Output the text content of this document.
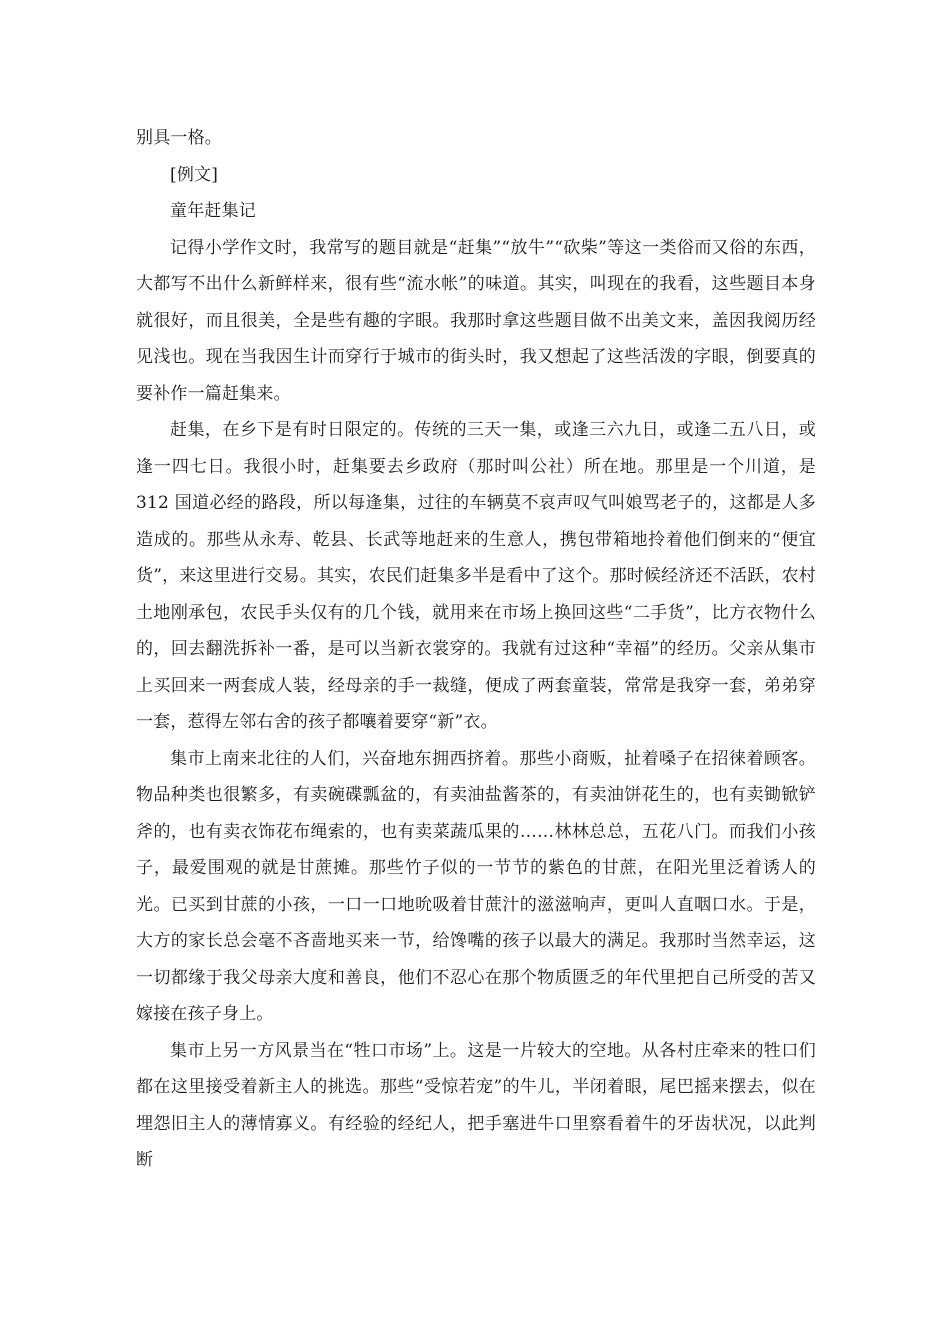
别具一格。

[例文]

童年赶集记

记得小学作文时，我常写的题目就是“赶集”“放牛”“砍柴”等这一类俗而又俗的东西，大都写不出什么新鲜样来，很有些“流水帐”的味道。其实，叫现在的我看，这些题目本身就很好，而且很美，全是些有趣的字眼。我那时拿这些题目做不出美文来，盖因我阅历经见浅也。现在当我因生计而穿行于城市的街头时，我又想起了这些活泼的字眼，倒要真的要补作一篇赶集来。

赶集，在乡下是有时日限定的。传统的三天一集，或逢三六九日，或逢二五八日，或逢一四七日。我很小时，赶集要去乡政府（那时叫公社）所在地。那里是一个川道，是 312 国道必经的路段，所以每逢集，过往的车辆莫不哀声叹气叫娘骂老子的，这都是人多造成的。那些从永寿、乾县、长武等地赶来的生意人，携包带箱地拎着他们倒来的“便宜货”，来这里进行交易。其实，农民们赶集多半是看中了这个。那时候经济还不活跃，农村土地刚承包，农民手头仅有的几个钱，就用来在市场上换回这些“二手货”，比方衣物什么的，回去翻洗拆补一番，是可以当新衣裳穿的。我就有过这种“幸福”的经历。父亲从集市上买回来一两套成人装，经母亲的手一裁缝，便成了两套童装，常常是我穿一套，弟弟穿一套，惹得左邻右舍的孩子都嚷着要穿“新”衣。

集市上南来北往的人们，兴奋地东拥西挤着。那些小商贩，扯着嗓子在招徕着顾客。物品种类也很繁多，有卖碗碟瓢盆的，有卖油盐酱茶的，有卖油饼花生的，也有卖锄锨铲斧的，也有卖衣饰花布绳索的，也有卖菜蔬瓜果的……林林总总，五花八门。而我们小孩子，最爱围观的就是甘蔗摊。那些竹子似的一节节的紫色的甘蔗，在阳光里泛着诱人的光。已买到甘蔗的小孩，一口一口地吮吸着甘蔗汁的滋滋响声，更叫人直咽口水。于是，大方的家长总会毫不吝啬地买来一节，给馋嘴的孩子以最大的满足。我那时当然幸运，这一切都缘于我父母亲大度和善良，他们不忍心在那个物质匮乏的年代里把自己所受的苦又嫁接在孩子身上。

集市上另一方风景当在“牲口市场”上。这是一片较大的空地。从各村庄牵来的牲口们都在这里接受着新主人的挑选。那些“受惊若宠”的牛儿，半闭着眼，尾巴摇来摆去，似在埋怨旧主人的薄情寡义。有经验的经纪人，把手塞进牛口里察看着牛的牙齿状况，以此判断
